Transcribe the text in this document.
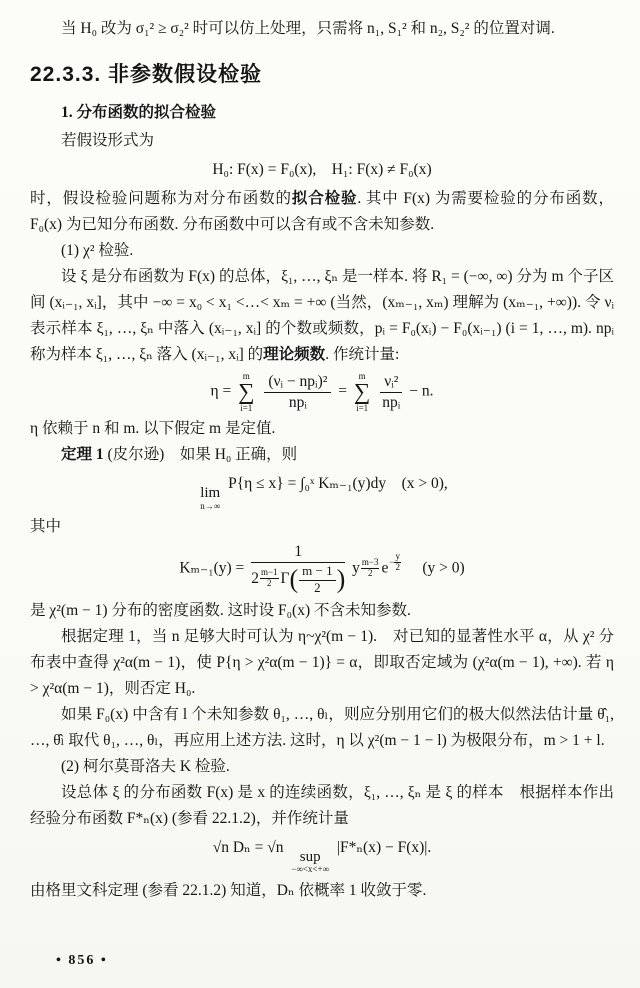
当 H₀ 改为 σ₁² ≥ σ₂² 时可以仿上处理，只需将 n₁, S₁² 和 n₂, S₂² 的位置对调.

22.3.3. 非参数假设检验

1. 分布函数的拟合检验

若假设形式为

H₀: F(x) = F₀(x),　H₁: F(x) ≠ F₀(x)

时，假设检验问题称为对分布函数的拟合检验. 其中 F(x) 为需要检验的分布函数，F₀(x) 为已知分布函数. 分布函数中可以含有或不含未知参数.

(1) χ² 检验.

设 ξ 是分布函数为 F(x) 的总体，ξ₁, …, ξₙ 是一样本. 将 R₁ = (−∞, ∞) 分为 m 个子区间 (xᵢ₋₁, xᵢ]，其中 −∞ = x₀ < x₁ <…< xₘ = +∞ (当然，(xₘ₋₁, xₘ) 理解为 (xₘ₋₁, +∞)). 令 νᵢ 表示样本 ξ₁, …, ξₙ 中落入 (xᵢ₋₁, xᵢ] 的个数或频数，pᵢ = F₀(xᵢ) − F₀(xᵢ₋₁) (i = 1, …, m). npᵢ 称为样本 ξ₁, …, ξₙ 落入 (xᵢ₋₁, xᵢ] 的理论频数. 作统计量:

η =
m
∑
i=1
$\frac{\text{(νᵢ − npᵢ)²}}{\text{npᵢ}}$ =
m
∑
i=1
$\frac{\text{νᵢ²}}{\text{npᵢ}} - n$.

η 依赖于 n 和 m. 以下假定 m 是定值.

定理 1 (皮尔逊)　如果 H₀ 正确，则

lim
n→∞
P{η ≤ x} = ∫₀ˣ Kₘ₋₁(y)dy　(x > 0),

其中

$K_{m-1}(y) = \frac{1}{2 \frac{m-1}{2} \Gamma( \frac{m - 1}{2} )}$ y $\frac{m-3}{2}$ $e - \frac{y}{2}$ 　(y > 0)

是 χ²(m − 1) 分布的密度函数. 这时设 F₀(x) 不含未知参数.

根据定理 1，当 n 足够大时可认为 η~χ²(m − 1).　对已知的显著性水平 α，从 χ² 分布表中查得 χ²α(m − 1)，使 P{η > χ²α(m − 1)} = α，即取否定域为 (χ²α(m − 1), +∞). 若 η > χ²α(m − 1)，则否定 H₀.

如果 F₀(x) 中含有 l 个未知参数 θ₁, …, θₗ，则应分别用它们的极大似然法估计量 θ̂₁, …, θ̂ₗ 取代 θ₁, …, θₗ，再应用上述方法. 这时，η 以 χ²(m − 1 − l) 为极限分布，m > 1 + l.

(2) 柯尔莫哥洛夫 K 检验.

设总体 ξ 的分布函数 F(x) 是 x 的连续函数，ξ₁, …, ξₙ 是 ξ 的样本　根据样本作出经验分布函数 F*ₙ(x) (参看 22.1.2)，并作统计量

√n Dₙ = √n
sup
−∞<x<+∞
|F*ₙ(x) − F(x)|.

由格里文科定理 (参看 22.1.2) 知道，Dₙ 依概率 1 收敛于零.

• 856 •
